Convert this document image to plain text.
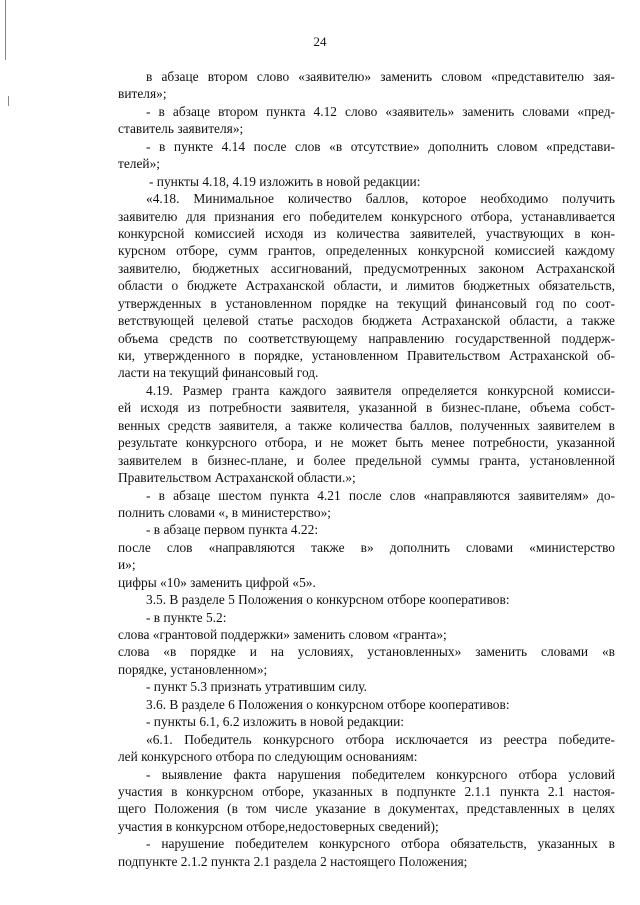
24
в абзаце втором слово «заявителю» заменить словом «представителю зая-
вителя»;
- в абзаце втором пункта 4.12 слово «заявитель» заменить словами «пред-
ставитель заявителя»;
- в пункте 4.14 после слов «в отсутствие» дополнить словом «представи-
телей»;
- пункты 4.18, 4.19 изложить в новой редакции:
«4.18. Минимальное количество баллов, которое необходимо получить
заявителю для признания его победителем конкурсного отбора, устанавливается
конкурсной комиссией исходя из количества заявителей, участвующих в кон-
курсном отборе, сумм грантов, определенных конкурсной комиссией каждому
заявителю, бюджетных ассигнований, предусмотренных законом Астраханской
области о бюджете Астраханской области, и лимитов бюджетных обязательств,
утвержденных в установленном порядке на текущий финансовый год по соот-
ветствующей целевой статье расходов бюджета Астраханской области, а также
объема средств по соответствующему направлению государственной поддерж-
ки, утвержденного в порядке, установленном Правительством Астраханской об-
ласти на текущий финансовый год.
4.19. Размер гранта каждого заявителя определяется конкурсной комисси-
ей исходя из потребности заявителя, указанной в бизнес-плане, объема собст-
венных средств заявителя, а также количества баллов, полученных заявителем в
результате конкурсного отбора, и не может быть менее потребности, указанной
заявителем в бизнес-плане, и более предельной суммы гранта, установленной
Правительством Астраханской области.»;
- в абзаце шестом пункта 4.21 после слов «направляются заявителям» до-
полнить словами «, в министерство»;
- в абзаце первом пункта 4.22:
после слов «направляются также в» дополнить словами «министерство
и»;
цифры «10» заменить цифрой «5».
3.5. В разделе 5 Положения о конкурсном отборе кооперативов:
- в пункте 5.2:
слова «грантовой поддержки» заменить словом «гранта»;
слова «в порядке и на условиях, установленных» заменить словами «в
порядке, установленном»;
- пункт 5.3 признать утратившим силу.
3.6. В разделе 6 Положения о конкурсном отборе кооперативов:
- пункты 6.1, 6.2 изложить в новой редакции:
«6.1. Победитель конкурсного отбора исключается из реестра победите-
лей конкурсного отбора по следующим основаниям:
- выявление факта нарушения победителем конкурсного отбора условий
участия в конкурсном отборе, указанных в подпункте 2.1.1 пункта 2.1 настоя-
щего Положения (в том числе указание в документах, представленных в целях
участия в конкурсном отборе,недостоверных сведений);
- нарушение победителем конкурсного отбора обязательств, указанных в
подпункте 2.1.2 пункта 2.1 раздела 2 настоящего Положения;
